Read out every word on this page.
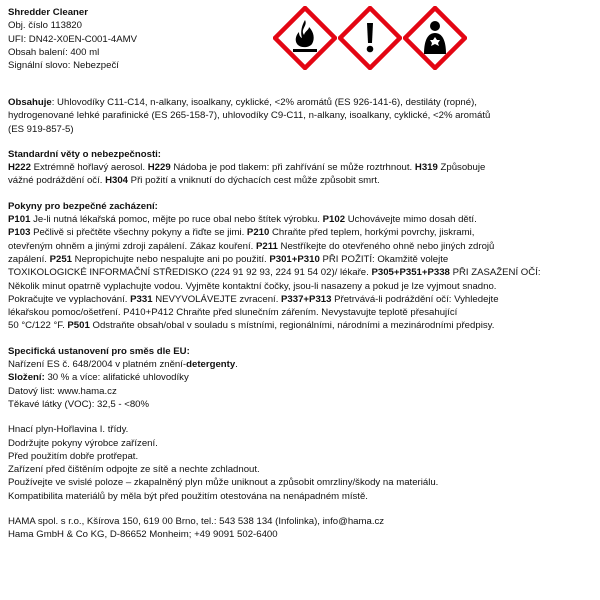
Shredder Cleaner
Obj. číslo 113820
UFI: DN42-X0EN-C001-4AMV
Obsah balení: 400 ml
Signální slovo: Nebezpečí

Obsahuje: Uhlovodíky C11-C14, n-alkany, isoalkany, cyklické, <2% aromátů (ES 926-141-6), destiláty (ropné),

hydrogenované lehké parafinické (ES 265-158-7), uhlovodíky C9-C11, n-alkany, isoalkany, cyklické, <2% aromátů

(ES 919-857-5)

Standardní věty o nebezpečnosti:

H222 Extrémně hořlavý aerosol. H229 Nádoba je pod tlakem: při zahřívání se může roztrhnout. H319 Způsobuje

vážné podráždění očí. H304 Při požití a vniknutí do dýchacích cest může způsobit smrt.

Pokyny pro bezpečné zacházení:

P101 Je-li nutná lékařská pomoc, mějte po ruce obal nebo štítek výrobku. P102 Uchovávejte mimo dosah dětí.

P103 Pečlivě si přečtěte všechny pokyny a řiďte se jimi. P210 Chraňte před teplem, horkými povrchy, jiskrami,

otevřeným ohněm a jinými zdroji zapálení. Zákaz kouření. P211 Nestříkejte do otevřeného ohně nebo jiných zdrojů

zapálení. P251 Nepropichujte nebo nespalujte ani po použití. P301+P310 PŘI POŽITÍ: Okamžitě volejte

TOXIKOLOGICKÉ INFORMAČNÍ STŘEDISKO (224 91 92 93, 224 91 54 02)/ lékaře. P305+P351+P338 PŘI ZASAŽENÍ OČÍ:

Několik minut opatrně vyplachujte vodou. Vyjměte kontaktní čočky, jsou-li nasazeny a pokud je lze vyjmout snadno.

Pokračujte ve vyplachování. P331 NEVYVOLÁVEJTE zvracení. P337+P313 Přetrvává-li podráždění očí: Vyhledejte

lékařskou pomoc/ošetření. P410+P412 Chraňte před slunečním zářením. Nevystavujte teplotě přesahující

50 °C/122 °F. P501 Odstraňte obsah/obal v souladu s místními, regionálními, národními a mezinárodními předpisy.

Specifická ustanovení pro směs dle EU:

Nařízení ES č. 648/2004 v platném znění-detergenty.

Složení: 30 % a více: alifatické uhlovodíky

Datový list: www.hama.cz

Těkavé látky (VOC): 32,5 - <80%

Hnací plyn-Hořlavina I. třídy.

Dodržujte pokyny výrobce zařízení.

Před použitím dobře protřepat.

Zařízení před čištěním odpojte ze sítě a nechte zchladnout.

Používejte ve svislé poloze – zkapalněný plyn může uniknout a způsobit omrzliny/škody na materiálu.

Kompatibilita materiálů by měla být před použitím otestována na nenápadném místě.

HAMA spol. s r.o., Kšírova 150, 619 00 Brno, tel.: 543 538 134 (Infolinka), info@hama.cz

Hama GmbH & Co KG, D-86652 Monheim; +49 9091 502-6400
